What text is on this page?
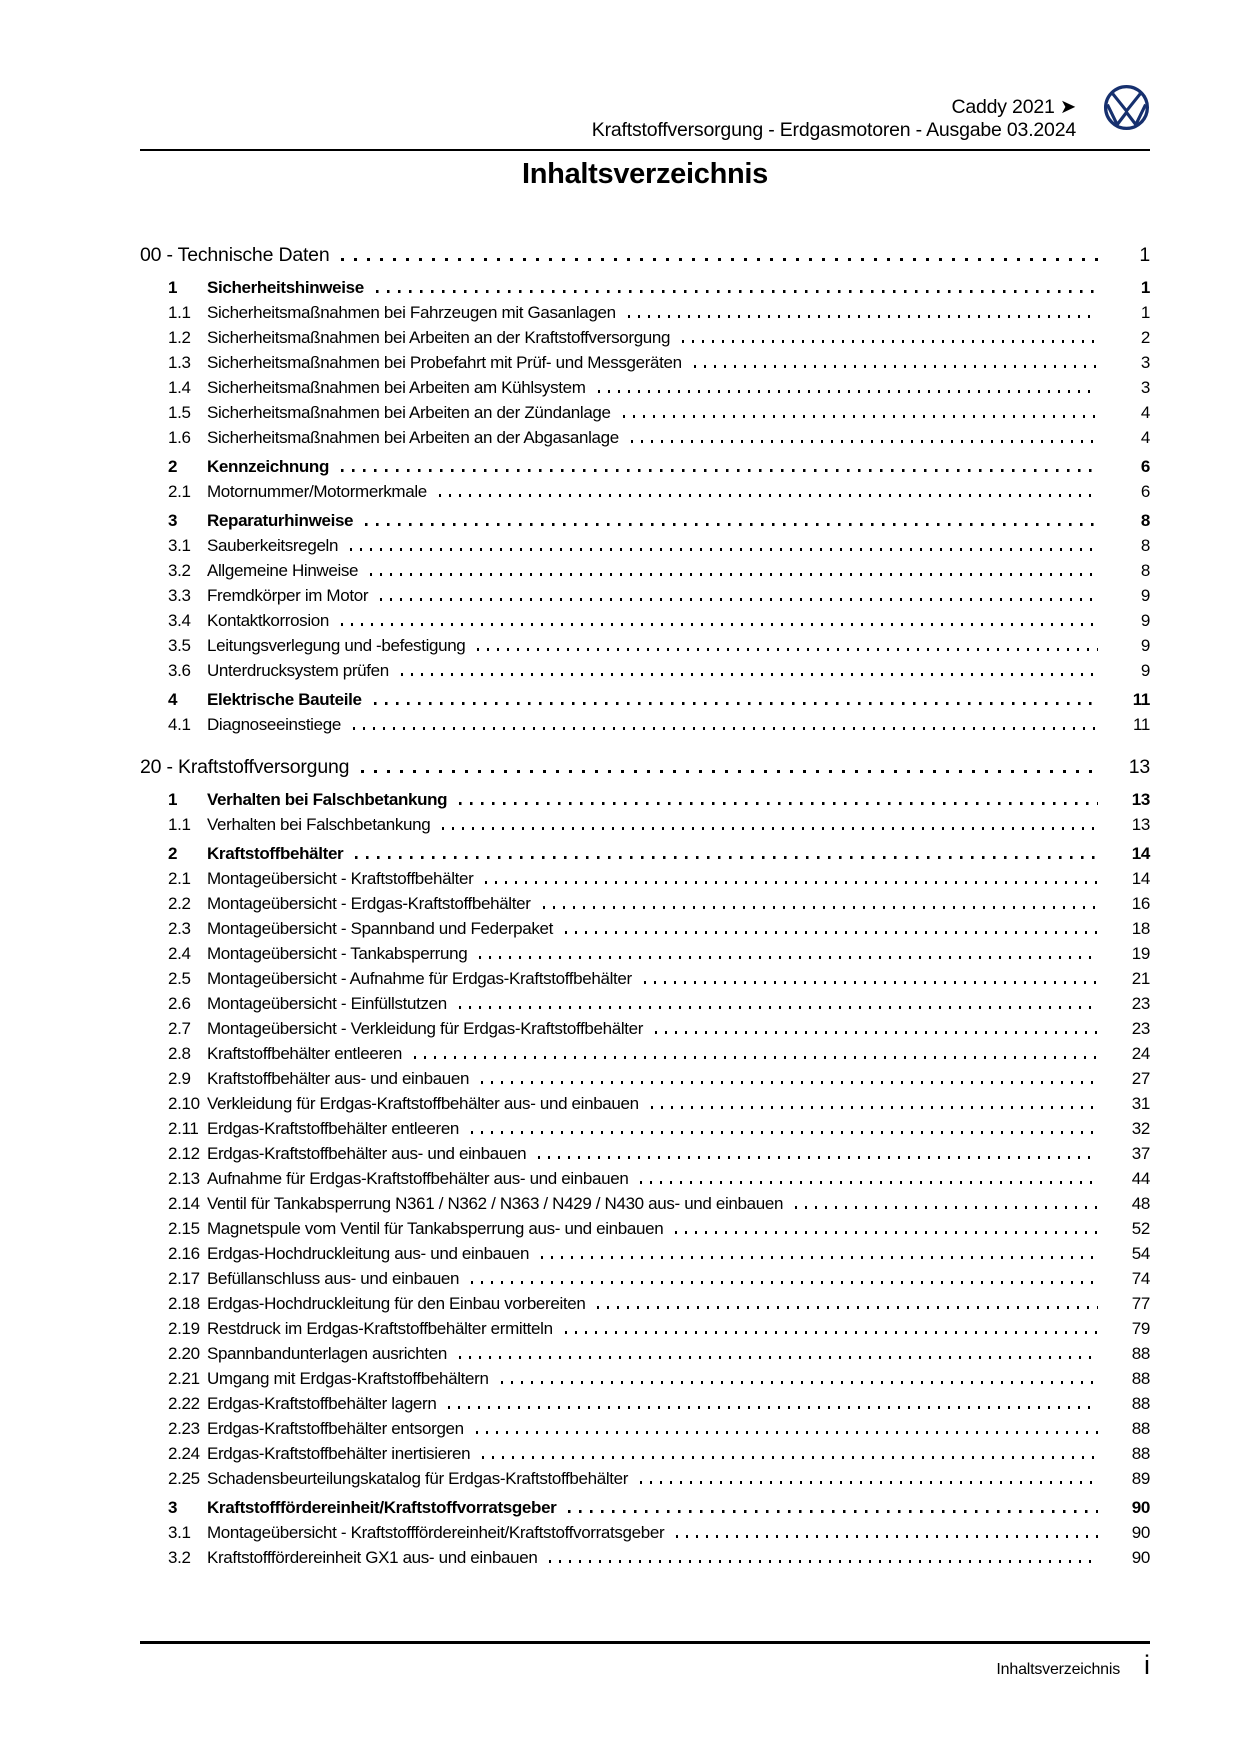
Caddy 2021 ➤
Kraftstoffversorgung - Erdgasmotoren - Ausgabe 03.2024
Inhaltsverzeichnis
00 - Technische Daten	1
1	Sicherheitshinweise	1
1.1 Sicherheitsmaßnahmen bei Fahrzeugen mit Gasanlagen	1
1.2 Sicherheitsmaßnahmen bei Arbeiten an der Kraftstoffversorgung	2
1.3 Sicherheitsmaßnahmen bei Probefahrt mit Prüf- und Messgeräten	3
1.4 Sicherheitsmaßnahmen bei Arbeiten am Kühlsystem	3
1.5 Sicherheitsmaßnahmen bei Arbeiten an der Zündanlage	4
1.6 Sicherheitsmaßnahmen bei Arbeiten an der Abgasanlage	4
2	Kennzeichnung	6
2.1 Motornummer/Motormerkmale	6
3	Reparaturhinweise	8
3.1 Sauberkeitsregeln	8
3.2 Allgemeine Hinweise	8
3.3 Fremdkörper im Motor	9
3.4 Kontaktkorrosion	9
3.5 Leitungsverlegung und -befestigung	9
3.6 Unterdrucksystem prüfen	9
4	Elektrische Bauteile	11
4.1 Diagnoseeinstiege	11
20 - Kraftstoffversorgung	13
1	Verhalten bei Falschbetankung	13
1.1 Verhalten bei Falschbetankung	13
2	Kraftstoffbehälter	14
2.1 Montageübersicht - Kraftstoffbehälter	14
2.2 Montageübersicht - Erdgas-Kraftstoffbehälter	16
2.3 Montageübersicht - Spannband und Federpaket	18
2.4 Montageübersicht - Tankabsperrung	19
2.5 Montageübersicht - Aufnahme für Erdgas-Kraftstoffbehälter	21
2.6 Montageübersicht - Einfüllstutzen	23
2.7 Montageübersicht - Verkleidung für Erdgas-Kraftstoffbehälter	23
2.8 Kraftstoffbehälter entleeren	24
2.9 Kraftstoffbehälter aus- und einbauen	27
2.10 Verkleidung für Erdgas-Kraftstoffbehälter aus- und einbauen	31
2.11 Erdgas-Kraftstoffbehälter entleeren	32
2.12 Erdgas-Kraftstoffbehälter aus- und einbauen	37
2.13 Aufnahme für Erdgas-Kraftstoffbehälter aus- und einbauen	44
2.14 Ventil für Tankabsperrung N361 / N362 / N363 / N429 / N430 aus- und einbauen	48
2.15 Magnetspule vom Ventil für Tankabsperrung aus- und einbauen	52
2.16 Erdgas-Hochdruckleitung aus- und einbauen	54
2.17 Befüllanschluss aus- und einbauen	74
2.18 Erdgas-Hochdruckleitung für den Einbau vorbereiten	77
2.19 Restdruck im Erdgas-Kraftstoffbehälter ermitteln	79
2.20 Spannbandunterlagen ausrichten	88
2.21 Umgang mit Erdgas-Kraftstoffbehältern	88
2.22 Erdgas-Kraftstoffbehälter lagern	88
2.23 Erdgas-Kraftstoffbehälter entsorgen	88
2.24 Erdgas-Kraftstoffbehälter inertisieren	88
2.25 Schadensbeurteilungskatalog für Erdgas-Kraftstoffbehälter	89
3	Kraftstofffördereinheit/Kraftstoffvorratsgeber	90
3.1 Montageübersicht - Kraftstofffördereinheit/Kraftstoffvorratsgeber	90
3.2 Kraftstofffördereinheit GX1 aus- und einbauen	90
Inhaltsverzeichnis i
